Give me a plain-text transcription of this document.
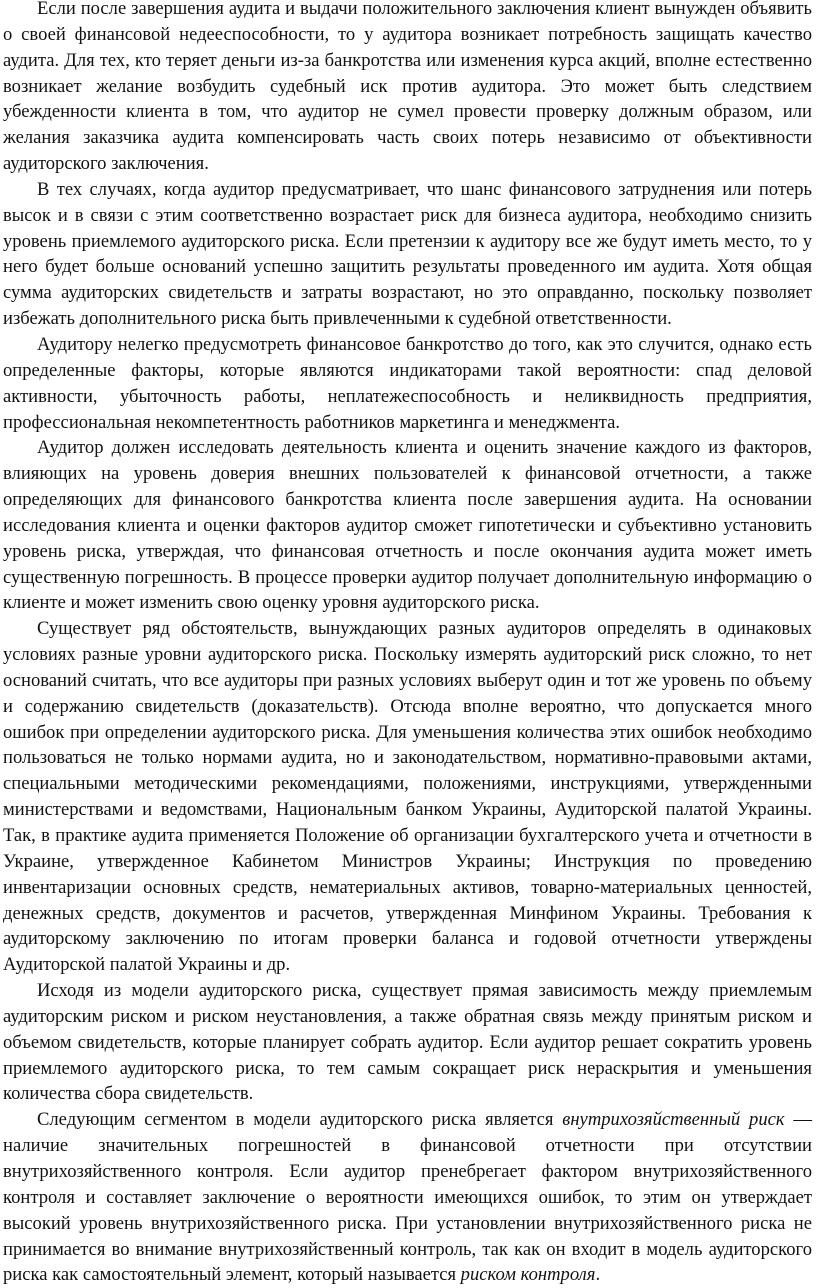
Если после завершения аудита и выдачи положительного заключения клиент вынужден объявить о своей финансовой недееспособности, то у аудитора возникает потребность защищать качество аудита. Для тех, кто теряет деньги из-за банкротства или изменения курса акций, вполне естественно возникает желание возбудить судебный иск против аудитора. Это может быть следствием убежденности клиента в том, что аудитор не сумел провести проверку должным образом, или желания заказчика аудита компенсировать часть своих потерь независимо от объективности аудиторского заключения.

В тех случаях, когда аудитор предусматривает, что шанс финансового затруднения или потерь высок и в связи с этим соответственно возрастает риск для бизнеса аудитора, необходимо снизить уровень приемлемого аудиторского риска. Если претензии к аудитору все же будут иметь место, то у него будет больше оснований успешно защитить результаты проведенного им аудита. Хотя общая сумма аудиторских свидетельств и затраты возрастают, но это оправданно, поскольку позволяет избежать дополнительного риска быть привлеченными к судебной ответственности.

Аудитору нелегко предусмотреть финансовое банкротство до того, как это случится, однако есть определенные факторы, которые являются индикаторами такой вероятности: спад деловой активности, убыточность работы, неплатежеспособность и неликвидность предприятия, профессиональная некомпетентность работников маркетинга и менеджмента.

Аудитор должен исследовать деятельность клиента и оценить значение каждого из факторов, влияющих на уровень доверия внешних пользователей к финансовой отчетности, а также определяющих для финансового банкротства клиента после завершения аудита. На основании исследования клиента и оценки факторов аудитор сможет гипотетически и субъективно установить уровень риска, утверждая, что финансовая отчетность и после окончания аудита может иметь существенную погрешность. В процессе проверки аудитор получает дополнительную информацию о клиенте и может изменить свою оценку уровня аудиторского риска.

Существует ряд обстоятельств, вынуждающих разных аудиторов определять в одинаковых условиях разные уровни аудиторского риска. Поскольку измерять аудиторский риск сложно, то нет оснований считать, что все аудиторы при разных условиях выберут один и тот же уровень по объему и содержанию свидетельств (доказательств). Отсюда вполне вероятно, что допускается много ошибок при определении аудиторского риска. Для уменьшения количества этих ошибок необходимо пользоваться не только нормами аудита, но и законодательством, нормативно-правовыми актами, специальными методическими рекомендациями, положениями, инструкциями, утвержденными министерствами и ведомствами, Национальным банком Украины, Аудиторской палатой Украины. Так, в практике аудита применяется Положение об организации бухгалтерского учета и отчетности в Украине, утвержденное Кабинетом Министров Украины; Инструкция по проведению инвентаризации основных средств, нематериальных активов, товарно-материальных ценностей, денежных средств, документов и расчетов, утвержденная Минфином Украины. Требования к аудиторскому заключению по итогам проверки баланса и годовой отчетности утверждены Аудиторской палатой Украины и др.

Исходя из модели аудиторского риска, существует прямая зависимость между приемлемым аудиторским риском и риском неустановления, а также обратная связь между принятым риском и объемом свидетельств, которые планирует собрать аудитор. Если аудитор решает сократить уровень приемлемого аудиторского риска, то тем самым сокращает риск нераскрытия и уменьшения количества сбора свидетельств.

Следующим сегментом в модели аудиторского риска является внутрихозяйственный риск — наличие значительных погрешностей в финансовой отчетности при отсутствии внутрихозяйственного контроля. Если аудитор пренебрегает фактором внутрихозяйственного контроля и составляет заключение о вероятности имеющихся ошибок, то этим он утверждает высокий уровень внутрихозяйственного риска. При установлении внутрихозяйственного риска не принимается во внимание внутрихозяйственный контроль, так как он входит в модель аудиторского риска как самостоятельный элемент, который называется риском контроля.
